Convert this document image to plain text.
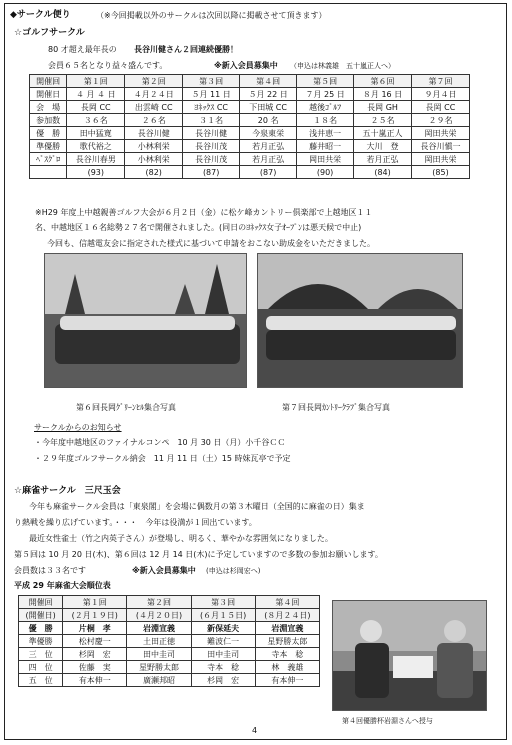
◆サークル便り	（※今回掲載以外のサークルは次回以降に掲載させて頂きます）
☆ゴルフサークル
80 才超え最年長の 長谷川健さん２回連続優勝！
会員６５名となり益々盛んです。	※新入会員募集中 （申込は林義雄　五十嵐正人へ）
開催回	第１回	第２回	第３回	第４回	第５回	第６回	第７回
開催日	４ 月 ４ 日	４月２４日	５月 11 日	５月 22 日	７月 25 日	８月 16 日	９月４日
会　場	長岡 CC	出雲崎 CC	ﾖﾈｯｸｽ CC	下田城 CC	越後ｺﾞﾙﾌ	長岡 GH	長岡 CC
参加数	３６名	２６名	３１名	20 名	１８名	２５名	２９名
優　勝	田中猛寛	長谷川健	長谷川健	今泉東栄	浅井恵一	五十嵐正人	岡田共栄
準優勝	歌代裕之	小林利栄	長谷川茂	若月正弘	藤井昭一	大川　登	長谷川愼一
ﾍﾞｽｸﾞﾛ	長谷川春男	小林利栄	長谷川茂	若月正弘	岡田共栄	若月正弘	岡田共栄
	(93)	(82)	(87)	(87)	(90)	(84)	(85)
※H29 年度上中越親善ゴルフ大会が６月２日（金）に松ケ峰カントリー倶楽部で上越地区１１
名、中越地区１６名総勢２７名で開催されました。(同日のﾖﾈｯｸｽ女子ｵｰﾌﾟﾝは悪天候で中止)
今回も、信越電友会に指定された様式に基づいて申請をおこない助成金をいただきました。
第６回長岡ｸﾞﾘｰﾝﾋﾙ集合写真	第７回長岡ｶﾝﾄﾘｰｸﾗﾌﾞ集合写真
サークルからのお知らせ
・今年度中越地区のファイナルコンペ　10 月 30 日（月）小千谷ＣＣ
・２９年度ゴルフサークル納会　11 月 11 日（土）15 時妹瓦亭で予定
☆麻雀サークル　三尺玉会
今年も麻雀サークル会員は「東泉閣」を会場に偶数月の第３木曜日（全国的に麻雀の日）集ま
り熱戦を繰り広げています。・・・　今年は役満が１回出ています。
最近女性雀士（竹之内英子さん）が登場し、明るく、華やかな雰囲気になりました。
第５回は 10 月 20 日(木)、第６回は 12 月 14 日(木)に予定していますので多数の参加お願いします。
会員数は３３名です	※新入会員募集中 (申込は杉岡宏へ)
平成 29 年麻雀大会順位表
開催回	第１回	第２回	第３回	第４回
(開催日)	(２月１９日)	(４月２０日)	(６月１５日)	(８月２４日)
優　勝	片桐　孝	岩淵宣義	新保延夫	岩淵宣義
準優勝	松村慶一	土田正徳	難波仁一	星野勝太郎
三　位	杉岡　宏	田中圭司	田中圭司	寺本　稔
四　位	佐藤　実	星野勝太郎	寺本　稔	林　義雄
五　位	有本伸一	廣瀬邦昭	杉岡　宏	有本伸一
第４回優勝杯岩淵さんへ授与
4
